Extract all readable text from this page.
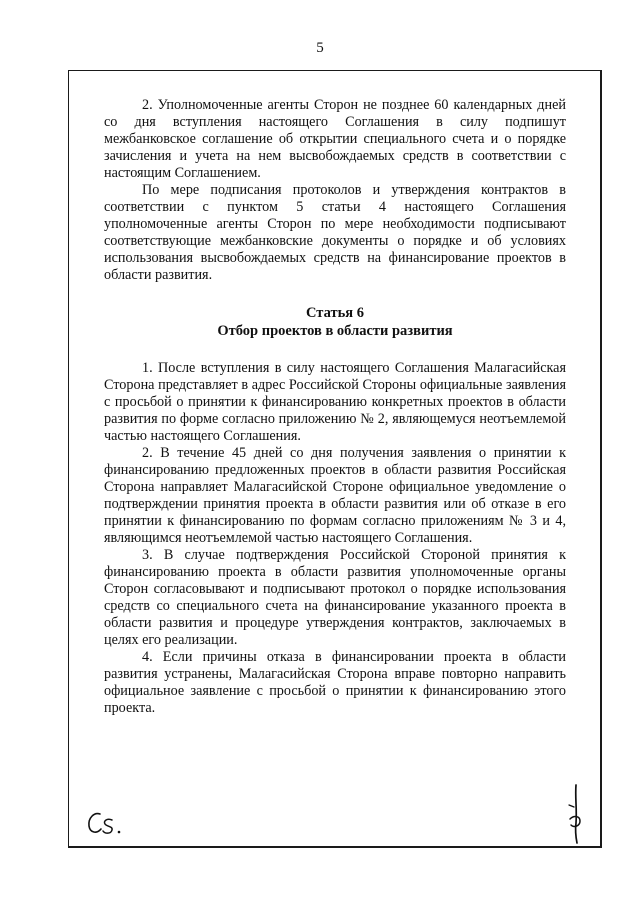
5

2. Уполномоченные агенты Сторон не позднее 60 календарных дней со дня вступления настоящего Соглашения в силу подпишут межбанковское соглашение об открытии специального счета и о порядке зачисления и учета на нем высвобождаемых средств в соответствии с настоящим Соглашением.

По мере подписания протоколов и утверждения контрактов в соответствии с пунктом 5 статьи 4 настоящего Соглашения уполномоченные агенты Сторон по мере необходимости подписывают соответствующие межбанковские документы о порядке и об условиях использования высвобождаемых средств на финансирование проектов в области развития.

Статья 6

Отбор проектов в области развития

1. После вступления в силу настоящего Соглашения Малагасийская Сторона представляет в адрес Российской Стороны официальные заявления с просьбой о принятии к финансированию конкретных проектов в области развития по форме согласно приложению № 2, являющемуся неотъемлемой частью настоящего Соглашения.

2. В течение 45 дней со дня получения заявления о принятии к финансированию предложенных проектов в области развития Российская Сторона направляет Малагасийской Стороне официальное уведомление о подтверждении принятия проекта в области развития или об отказе в его принятии к финансированию по формам согласно приложениям № 3 и 4, являющимся неотъемлемой частью настоящего Соглашения.

3. В случае подтверждения Российской Стороной принятия к финансированию проекта в области развития уполномоченные органы Сторон согласовывают и подписывают протокол о порядке использования средств со специального счета на финансирование указанного проекта в области развития и процедуре утверждения контрактов, заключаемых в целях его реализации.

4. Если причины отказа в финансировании проекта в области развития устранены, Малагасийская Сторона вправе повторно направить официальное заявление с просьбой о принятии к финансированию этого проекта.
